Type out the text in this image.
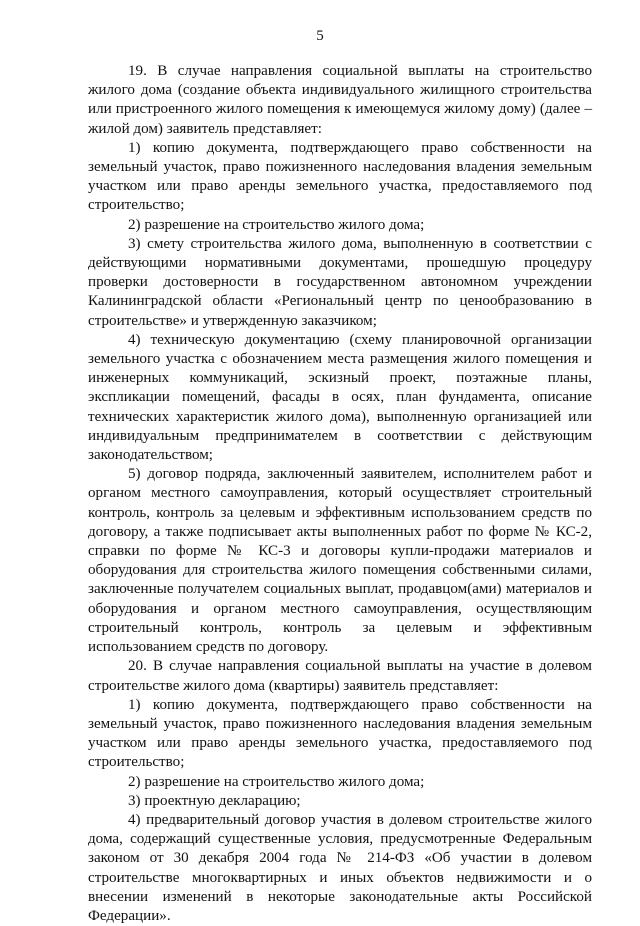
5

19. В случае направления социальной выплаты на строительство жилого дома (создание объекта индивидуального жилищного строительства или пристроенного жилого помещения к имеющемуся жилому дому) (далее – жилой дом) заявитель представляет:

1) копию документа, подтверждающего право собственности на земельный участок, право пожизненного наследования владения земельным участком или право аренды земельного участка, предоставляемого под строительство;

2) разрешение на строительство жилого дома;

3) смету строительства жилого дома, выполненную в соответствии с действующими нормативными документами, прошедшую процедуру проверки достоверности в государственном автономном учреждении Калининградской области «Региональный центр по ценообразованию в строительстве» и утвержденную заказчиком;

4) техническую документацию (схему планировочной организации земельного участка с обозначением места размещения жилого помещения и инженерных коммуникаций, эскизный проект, поэтажные планы, экспликации помещений, фасады в осях, план фундамента, описание технических характеристик жилого дома), выполненную организацией или индивидуальным предпринимателем в соответствии с действующим законодательством;

5) договор подряда, заключенный заявителем, исполнителем работ и органом местного самоуправления, который осуществляет строительный контроль, контроль за целевым и эффективным использованием средств по договору, а также подписывает акты выполненных работ по форме № КС-2, справки по форме № КС-3 и договоры купли-продажи материалов и оборудования для строительства жилого помещения собственными силами, заключенные получателем социальных выплат, продавцом(ами) материалов и оборудования и органом местного самоуправления, осуществляющим строительный контроль, контроль за целевым и эффективным использованием средств по договору.

20. В случае направления социальной выплаты на участие в долевом строительстве жилого дома (квартиры) заявитель представляет:

1) копию документа, подтверждающего право собственности на земельный участок, право пожизненного наследования владения земельным участком или право аренды земельного участка, предоставляемого под строительство;

2) разрешение на строительство жилого дома;

3) проектную декларацию;

4) предварительный договор участия в долевом строительстве жилого дома, содержащий существенные условия, предусмотренные Федеральным законом от 30 декабря 2004 года № 214-ФЗ «Об участии в долевом строительстве многоквартирных и иных объектов недвижимости и о внесении изменений в некоторые законодательные акты Российской Федерации».
